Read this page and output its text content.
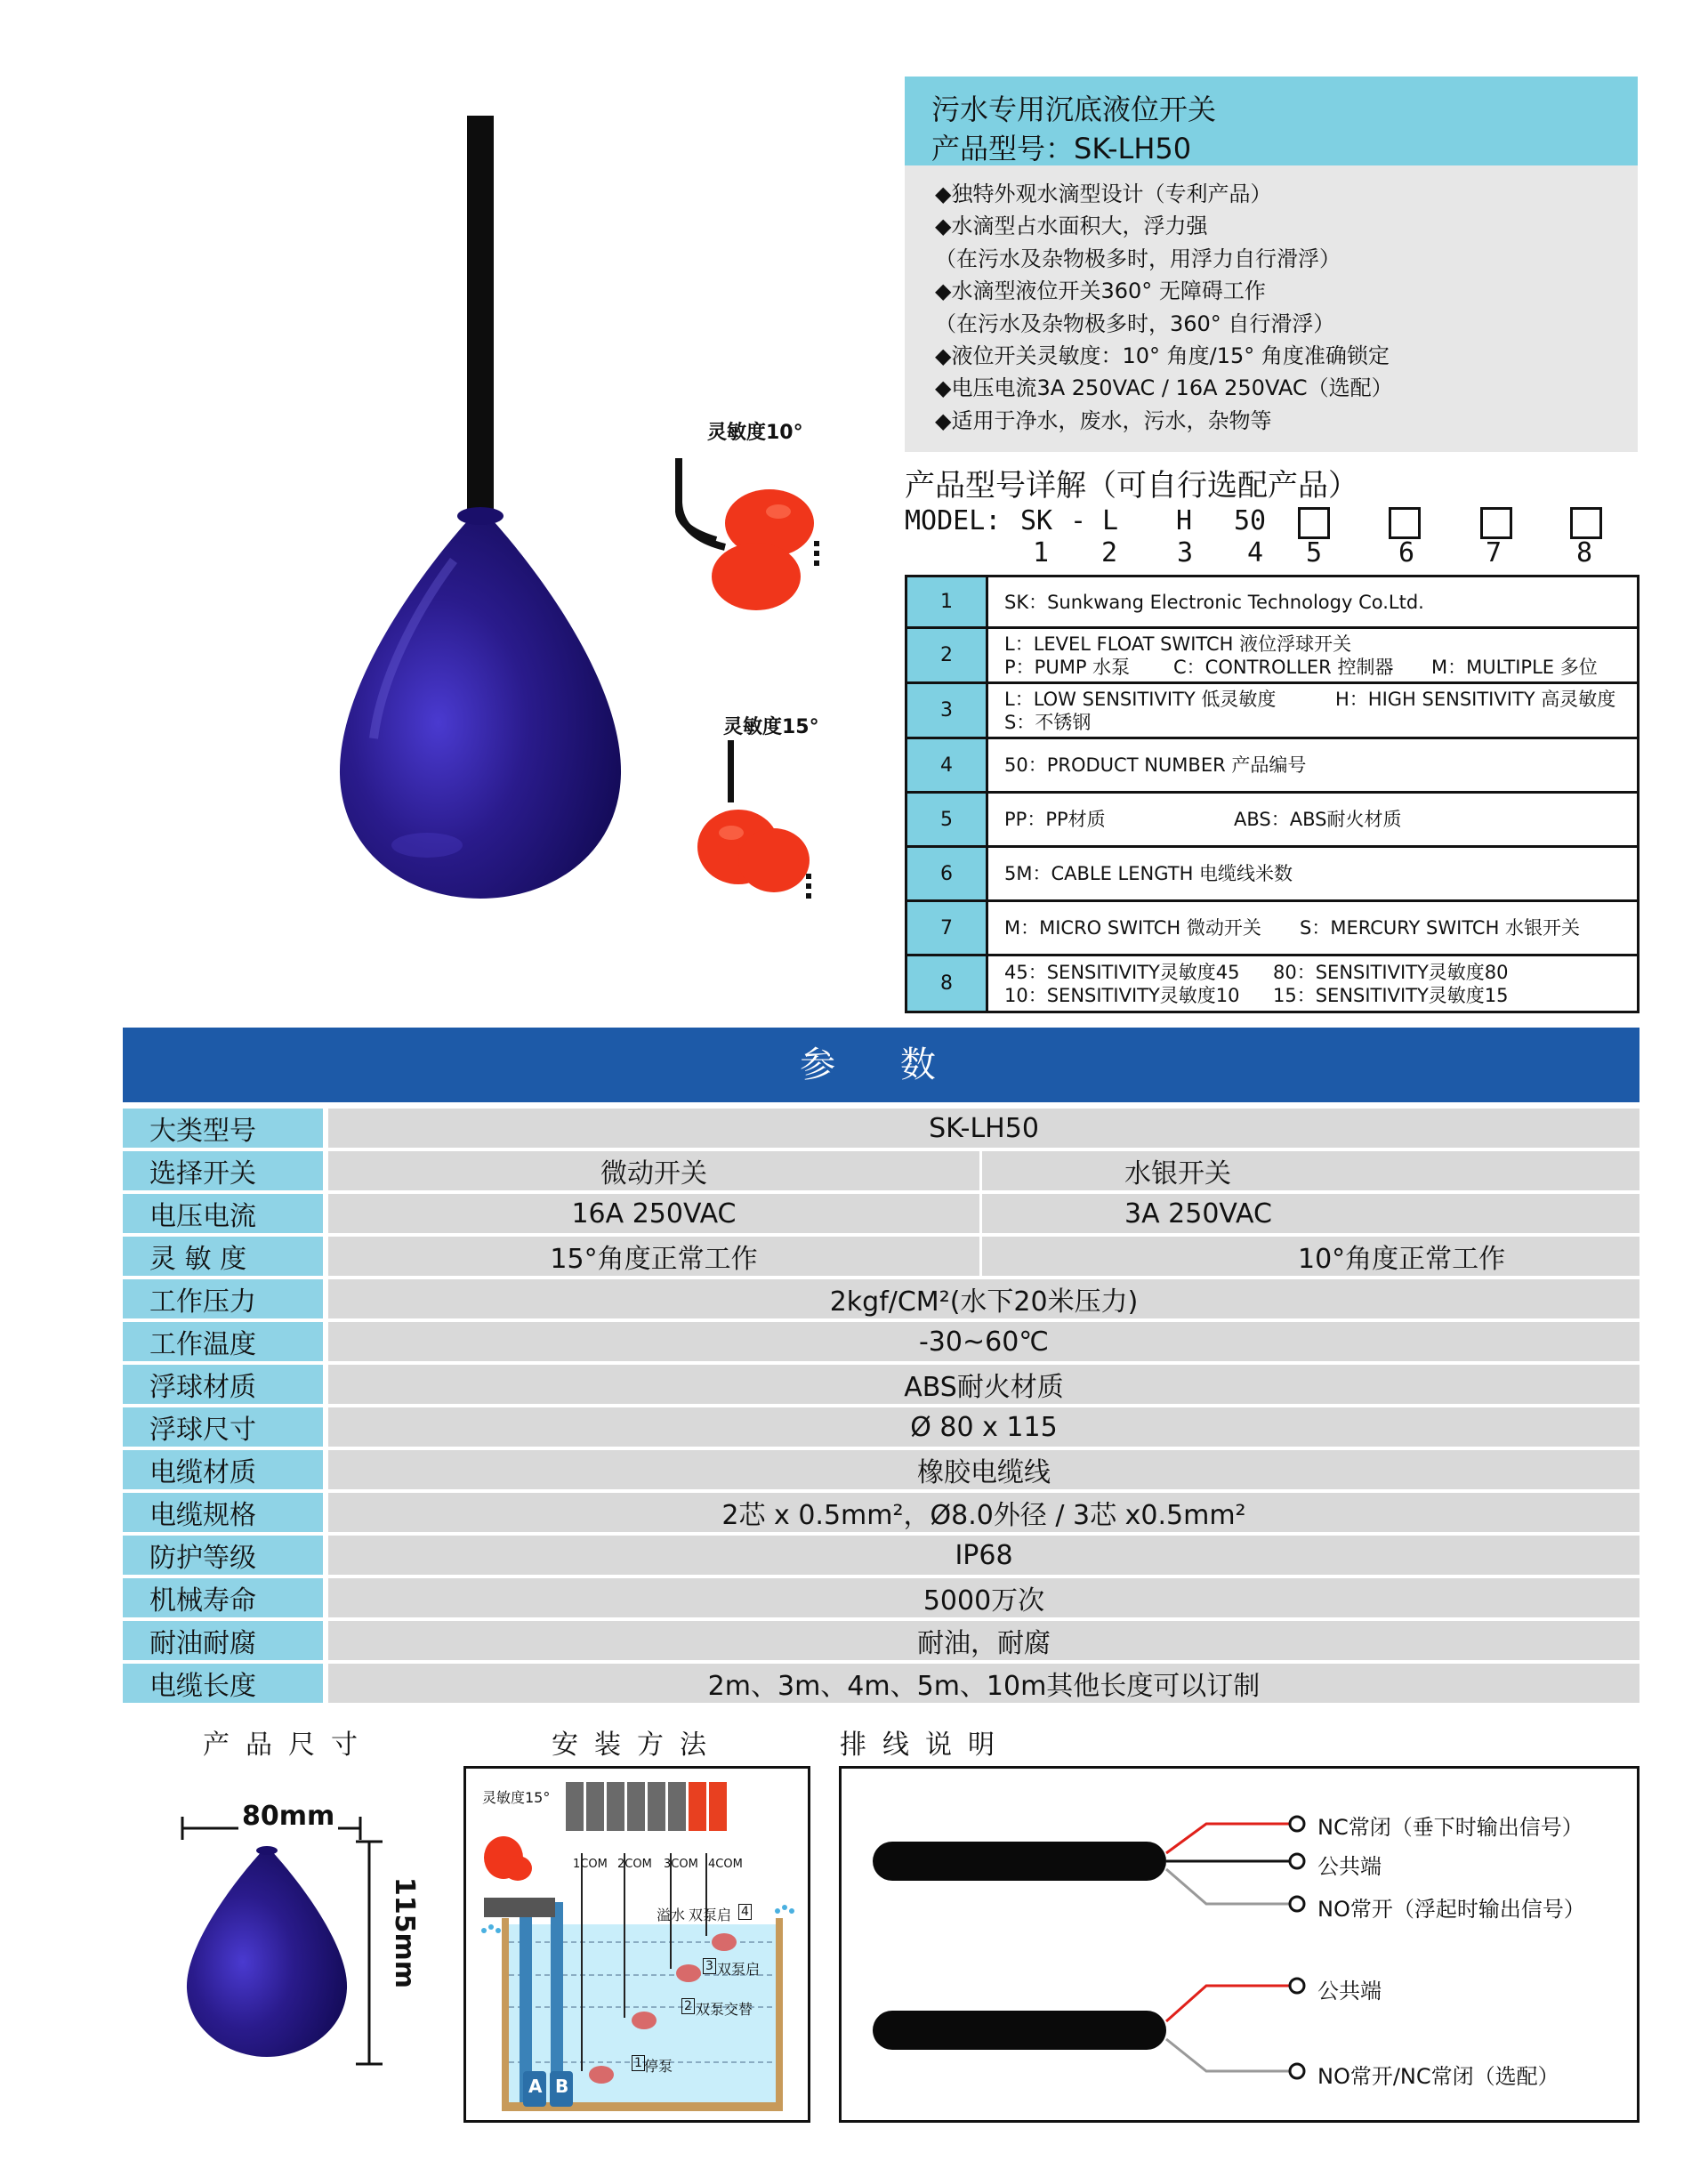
灵敏度10°
灵敏度15°
污水专用沉底液位开关
产品型号：SK-LH50
◆独特外观水滴型设计（专利产品）
◆水滴型占水面积大，浮力强
（在污水及杂物极多时，用浮力自行滑浮）
◆水滴型液位开关360° 无障碍工作
（在污水及杂物极多时，360° 自行滑浮）
◆液位开关灵敏度：10° 角度/15° 角度准确锁定
◆电压电流3A 250VAC / 16A 250VAC（选配）
◆适用于净水，废水，污水，杂物等
产品型号详解（可自行选配产品）
MODEL: SK - L H 50
1 2 3 4 5	6	7	8
1	SK：Sunkwang Electronic Technology Co.Ltd.
2	L：LEVEL FLOAT SWITCH 液位浮球开关
P：PUMP 水泵 C：CONTROLLER 控制器 M：MULTIPLE 多位

3	L：LOW SENSITIVITY 低灵敏度 H：HIGH SENSITIVITY 高灵敏度
S：不锈钢

4	50：PRODUCT NUMBER 产品编号
5	PP：PP材质 ABS：ABS耐火材质
6	5M：CABLE LENGTH 电缆线米数
7	M：MICRO SWITCH 微动开关 S：MERCURY SWITCH 水银开关
8	45：SENSITIVITY灵敏度45 80：SENSITIVITY灵敏度80
10：SENSITIVITY灵敏度10 15：SENSITIVITY灵敏度15
参 数
大类型号		SK-LH50		
选择开关		微动开关		水银开关
电压电流		16A 250VAC		3A 250VAC
灵 敏 度		15°角度正常工作		10°角度正常工作
工作压力		2kgf/CM²(水下20米压力)		
工作温度		-30~60℃		
浮球材质		ABS耐火材质		
浮球尺寸		Ø 80 x 115		
电缆材质		橡胶电缆线		
电缆规格		2芯 x 0.5mm²，Ø8.0外径 / 3芯 x0.5mm²		
防护等级		IP68		
机械寿命		5000万次		
耐油耐腐		耐油，耐腐		
电缆长度		2m、3m、4m、5m、10m其他长度可以订制		
产品尺寸	安装方法	排线说明
80mm
115mm
灵敏度15°
1COM 2COM 3COM 4COM
溢水 双泵启 4
3 双泵启
2 双泵交替
1 停泵
A B
NC常闭（垂下时输出信号）
公共端
NO常开（浮起时输出信号）
公共端
NO常开/NC常闭（选配）
